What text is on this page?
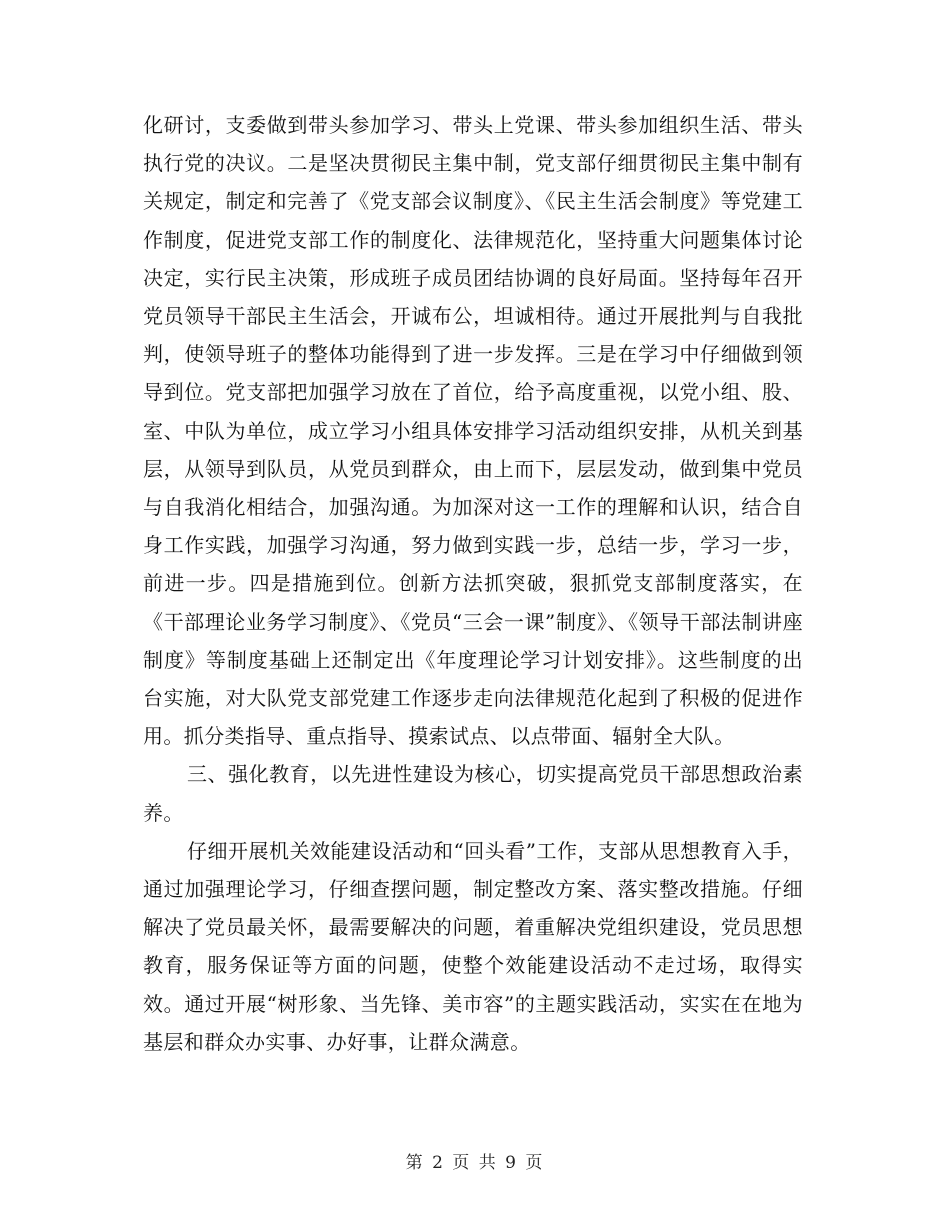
化研讨，支委做到带头参加学习、带头上党课、带头参加组织生活、带头执行党的决议。二是坚决贯彻民主集中制，党支部仔细贯彻民主集中制有关规定，制定和完善了《党支部会议制度》、《民主生活会制度》等党建工作制度，促进党支部工作的制度化、法律规范化，坚持重大问题集体讨论决定，实行民主决策，形成班子成员团结协调的良好局面。坚持每年召开党员领导干部民主生活会，开诚布公，坦诚相待。通过开展批判与自我批判，使领导班子的整体功能得到了进一步发挥。三是在学习中仔细做到领导到位。党支部把加强学习放在了首位，给予高度重视，以党小组、股、室、中队为单位，成立学习小组具体安排学习活动组织安排，从机关到基层，从领导到队员，从党员到群众，由上而下，层层发动，做到集中党员与自我消化相结合，加强沟通。为加深对这一工作的理解和认识，结合自身工作实践，加强学习沟通，努力做到实践一步，总结一步，学习一步，前进一步。四是措施到位。创新方法抓突破，狠抓党支部制度落实，在《干部理论业务学习制度》、《党员“三会一课”制度》、《领导干部法制讲座制度》等制度基础上还制定出《年度理论学习计划安排》。这些制度的出台实施，对大队党支部党建工作逐步走向法律规范化起到了积极的促进作用。抓分类指导、重点指导、摸索试点、以点带面、辐射全大队。

三、强化教育，以先进性建设为核心，切实提高党员干部思想政治素养。

仔细开展机关效能建设活动和“回头看”工作，支部从思想教育入手，通过加强理论学习，仔细查摆问题，制定整改方案、落实整改措施。仔细解决了党员最关怀，最需要解决的问题，着重解决党组织建设，党员思想教育，服务保证等方面的问题，使整个效能建设活动不走过场，取得实效。通过开展“树形象、当先锋、美市容”的主题实践活动，实实在在地为基层和群众办实事、办好事，让群众满意。

第 2 页 共 9 页
